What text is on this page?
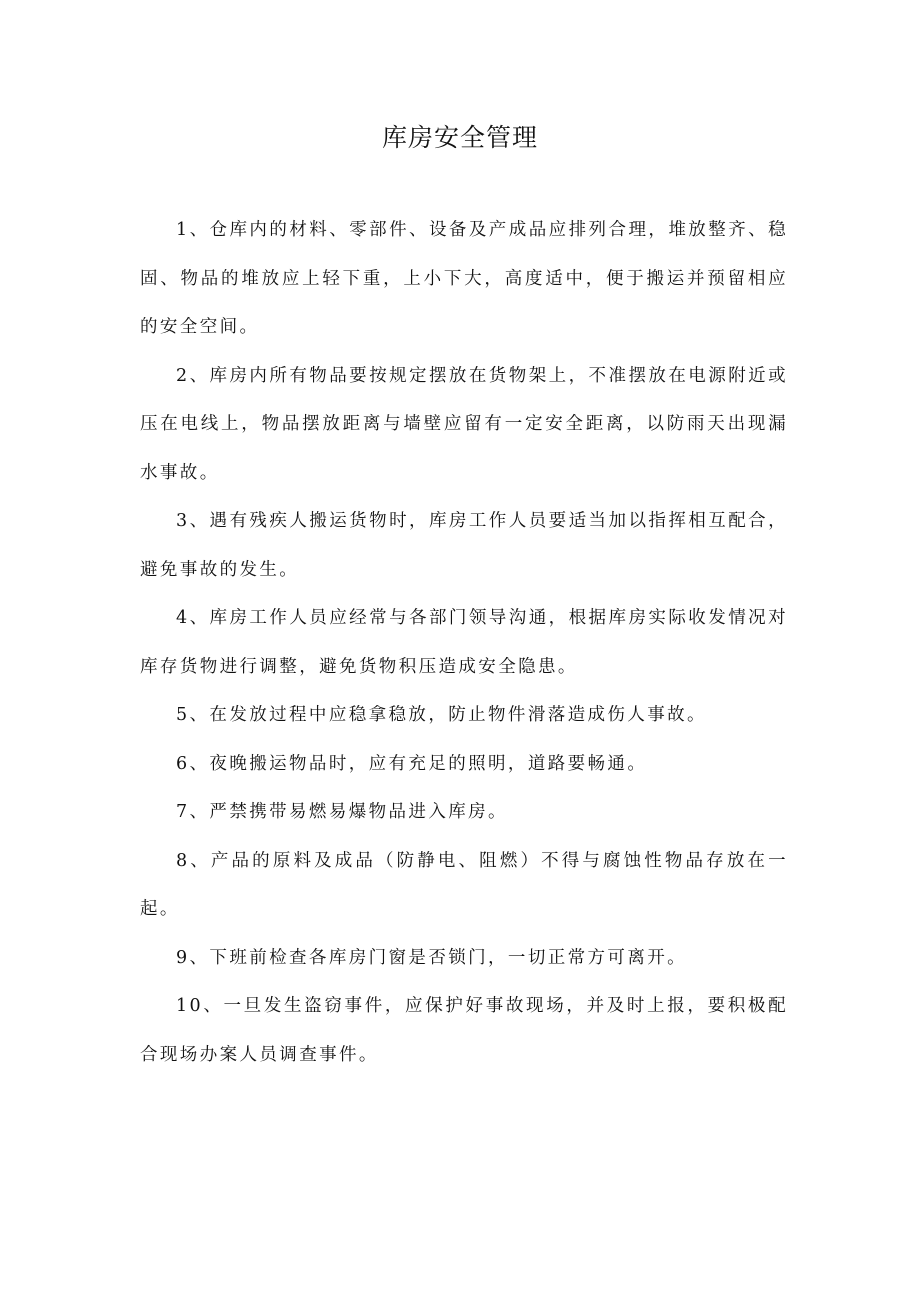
库房安全管理

1、仓库内的材料、零部件、设备及产成品应排列合理，堆放整齐、稳固、物品的堆放应上轻下重，上小下大，高度适中，便于搬运并预留相应的安全空间。

2、库房内所有物品要按规定摆放在货物架上，不准摆放在电源附近或压在电线上，物品摆放距离与墙壁应留有一定安全距离，以防雨天出现漏水事故。

3、遇有残疾人搬运货物时，库房工作人员要适当加以指挥相互配合，避免事故的发生。

4、库房工作人员应经常与各部门领导沟通，根据库房实际收发情况对库存货物进行调整，避免货物积压造成安全隐患。

5、在发放过程中应稳拿稳放，防止物件滑落造成伤人事故。

6、夜晚搬运物品时，应有充足的照明，道路要畅通。

7、严禁携带易燃易爆物品进入库房。

8、产品的原料及成品（防静电、阻燃）不得与腐蚀性物品存放在一起。

9、下班前检查各库房门窗是否锁门，一切正常方可离开。

10、一旦发生盗窃事件，应保护好事故现场，并及时上报，要积极配合现场办案人员调查事件。
